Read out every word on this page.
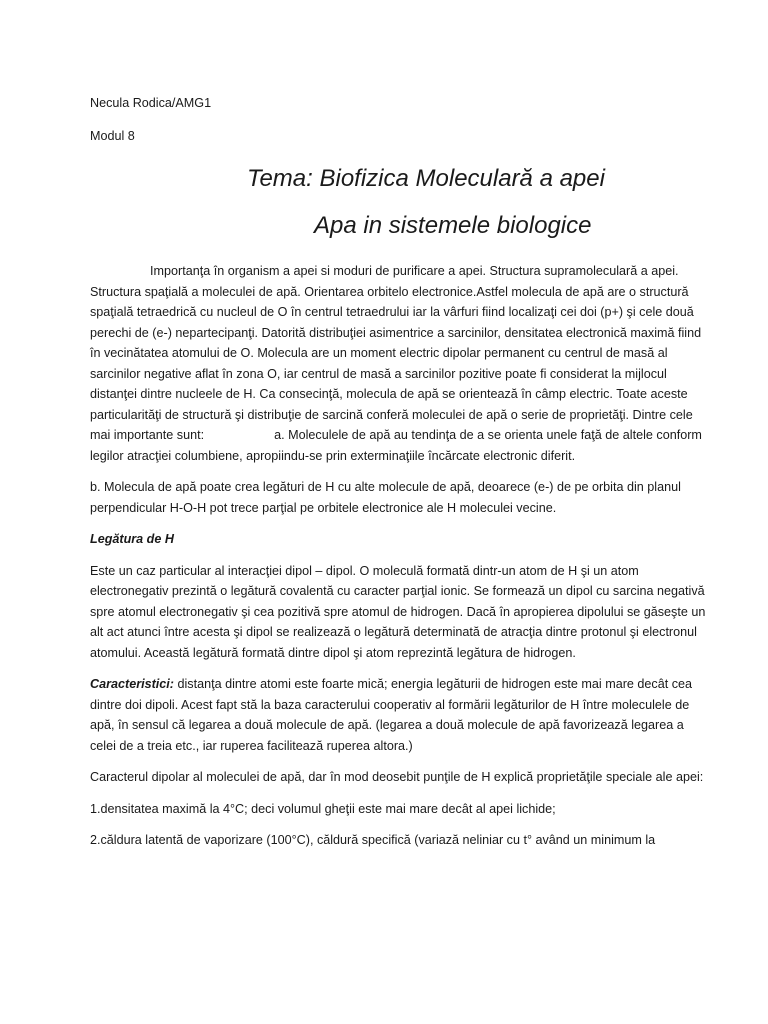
Necula Rodica/AMG1

Modul 8

Tema: Biofizica Moleculară a apei
Apa in sistemele biologice

Importanţa în organism a apei si moduri de purificare a apei. Structura supramoleculară a apei. Structura spaţială a moleculei de apă. Orientarea orbitelo electronice.Astfel molecula de apă are o structură spaţială tetraedrică cu nucleul de O în centrul tetraedrului iar la vârfuri fiind localizaţi cei doi (p+) şi cele două perechi de (e-) nepartecipanţi. Datorită distribuţiei asimentrice a sarcinilor, densitatea electronică maximă fiind în vecinătatea atomului de O. Molecula are un moment electric dipolar permanent cu centrul de masă al sarcinilor negative aflat în zona O, iar centrul de masă a sarcinilor pozitive poate fi considerat la mijlocul distanţei dintre nucleele de H. Ca consecinţă, molecula de apă se orientează în câmp electric. Toate aceste particularităţi de structură şi distribuţie de sarcină conferă moleculei de apă o serie de proprietăţi. Dintre cele mai importante sunt:	a. Moleculele de apă au tendinţa de a se orienta unele faţă de altele conform legilor atracţiei columbiene, apropiindu-se prin exterminaţiile încărcate electronic diferit.

b. Molecula de apă poate crea legături de H cu alte molecule de apă, deoarece (e-) de pe orbita din planul perpendicular H-O-H pot trece parţial pe orbitele electronice ale H moleculei vecine.

Legătura de H

Este un caz particular al interacţiei dipol – dipol. O moleculă formată dintr-un atom de H şi un atom electronegativ prezintă o legătură covalentă cu caracter parţial ionic. Se formează un dipol cu sarcina negativă spre atomul electronegativ şi cea pozitivă spre atomul de hidrogen. Dacă în apropierea dipolului se găseşte un alt act atunci între acesta şi dipol se realizează o legătură determinată de atracţia dintre protonul şi electronul atomului. Această legătură formată dintre dipol şi atom reprezintă legătura de hidrogen.

Caracteristici: distanţa dintre atomi este foarte mică; energia legăturii de hidrogen este mai mare decât cea dintre doi dipoli. Acest fapt stă la baza caracterului cooperativ al formării legăturilor de H între moleculele de apă, în sensul că legarea a două molecule de apă. (legarea a două molecule de apă favorizează legarea a celei de a treia etc., iar ruperea facilitează ruperea altora.)

Caracterul dipolar al moleculei de apă, dar în mod deosebit punţile de H explică proprietăţile speciale ale apei:

1.densitatea maximă la 4°C; deci volumul gheţii este mai mare decât al apei lichide;

2.căldura latentă de vaporizare (100°C), căldură specifică (variază neliniar cu t° având un minimum la
